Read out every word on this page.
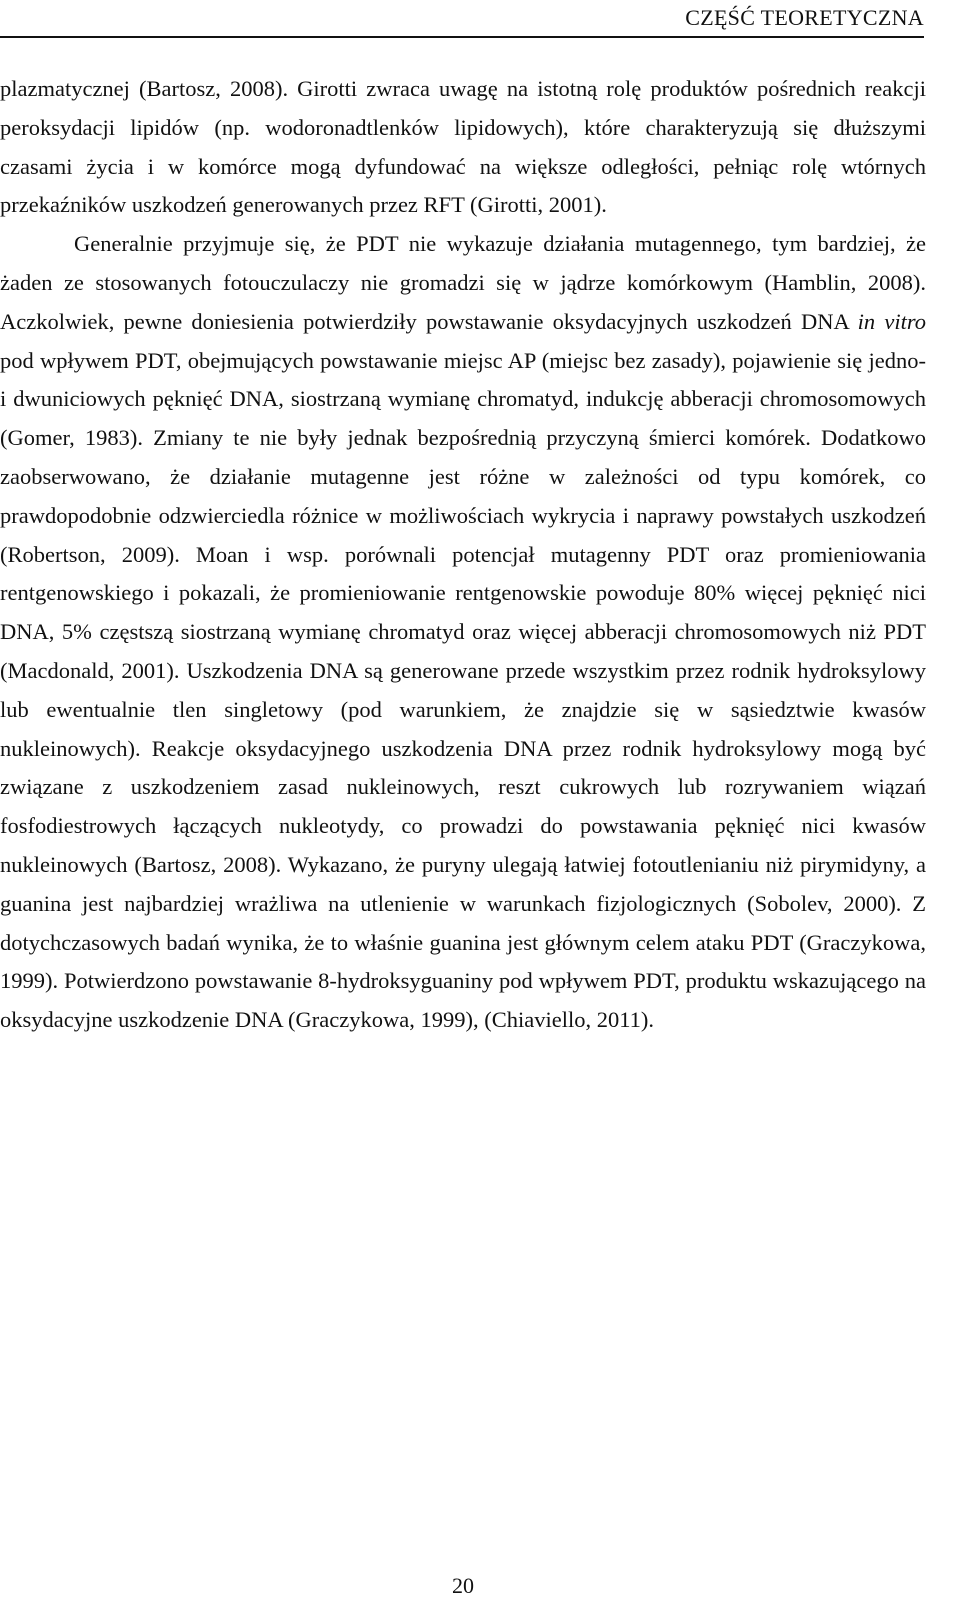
CZĘŚĆ TEORETYCZNA

plazmatycznej (Bartosz, 2008). Girotti zwraca uwagę na istotną rolę produktów pośrednich reakcji peroksydacji lipidów (np. wodoronadtlenków lipidowych), które charakteryzują się dłuższymi czasami życia i w komórce mogą dyfundować na większe odległości, pełniąc rolę wtórnych przekaźników uszkodzeń generowanych przez RFT (Girotti, 2001).

Generalnie przyjmuje się, że PDT nie wykazuje działania mutagennego, tym bardziej, że żaden ze stosowanych fotouczulaczy nie gromadzi się w jądrze komórkowym (Hamblin, 2008). Aczkolwiek, pewne doniesienia potwierdziły powstawanie oksydacyjnych uszkodzeń DNA in vitro pod wpływem PDT, obejmujących powstawanie miejsc AP (miejsc bez zasady), pojawienie się jedno- i dwuniciowych pęknięć DNA, siostrzaną wymianę chromatyd, indukcję abberacji chromosomowych (Gomer, 1983). Zmiany te nie były jednak bezpośrednią przyczyną śmierci komórek. Dodatkowo zaobserwowano, że działanie mutagenne jest różne w zależności od typu komórek, co prawdopodobnie odzwierciedla różnice w możliwościach wykrycia i naprawy powstałych uszkodzeń (Robertson, 2009). Moan i wsp. porównali potencjał mutagenny PDT oraz promieniowania rentgenowskiego i pokazali, że promieniowanie rentgenowskie powoduje 80% więcej pęknięć nici DNA, 5% częstszą siostrzaną wymianę chromatyd oraz więcej abberacji chromosomowych niż PDT (Macdonald, 2001). Uszkodzenia DNA są generowane przede wszystkim przez rodnik hydroksylowy lub ewentualnie tlen singletowy (pod warunkiem, że znajdzie się w sąsiedztwie kwasów nukleinowych). Reakcje oksydacyjnego uszkodzenia DNA przez rodnik hydroksylowy mogą być związane z uszkodzeniem zasad nukleinowych, reszt cukrowych lub rozrywaniem wiązań fosfodiestrowych łączących nukleotydy, co prowadzi do powstawania pęknięć nici kwasów nukleinowych (Bartosz, 2008). Wykazano, że puryny ulegają łatwiej fotoutlenianiu niż pirymidyny, a guanina jest najbardziej wrażliwa na utlenienie w warunkach fizjologicznych (Sobolev, 2000). Z dotychczasowych badań wynika, że to właśnie guanina jest głównym celem ataku PDT (Graczykowa, 1999). Potwierdzono powstawanie 8-hydroksyguaniny pod wpływem PDT, produktu wskazującego na oksydacyjne uszkodzenie DNA (Graczykowa, 1999), (Chiaviello, 2011).

20
